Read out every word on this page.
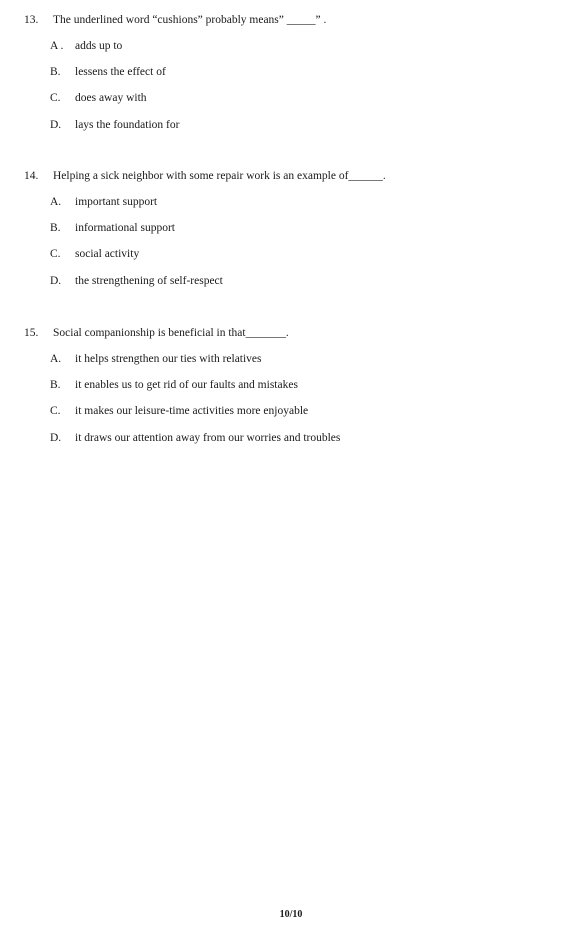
13.	The underlined word “cushions” probably means” _____” .
A .	adds up to
B.	lessens the effect of
C.	does away with
D.	lays the foundation for
14.	Helping a sick neighbor with some repair work is an example of______.
A.	important support
B.	informational support
C.	social activity
D.	the strengthening of self-respect
15.	Social companionship is beneficial in that_______.
A.	it helps strengthen our ties with relatives
B.	it enables us to get rid of our faults and mistakes
C.	it makes our leisure-time activities more enjoyable
D.	it draws our attention away from our worries and troubles
10/10
